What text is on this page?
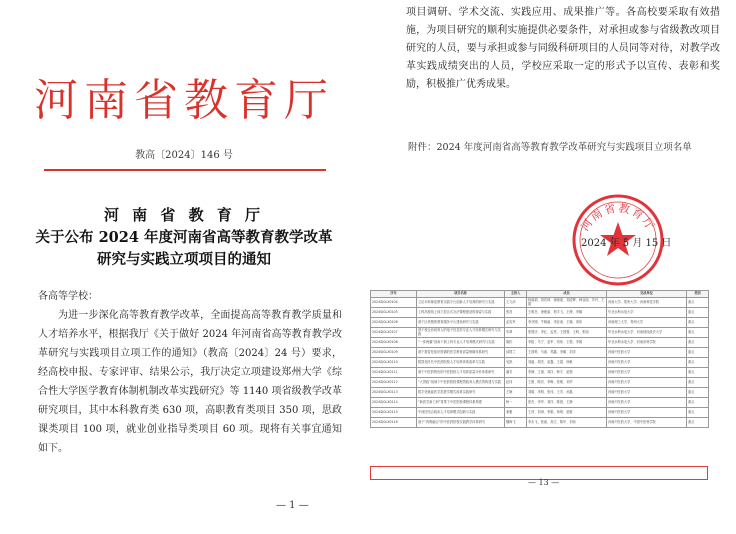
河南省教育厅
教高〔2024〕146 号
河 南 省 教 育 厅
关于公布 2024 年度河南省高等教育教学改革
研究与实践立项项目的通知
各高等学校：
为进一步深化高等教育教学改革，全面提高高等教育教学质量和人才培养水平，根据我厅《关于做好 2024 年河南省高等教育教学改革研究与实践项目立项工作的通知》（教高〔2024〕24 号）要求，经高校申报、专家评审、结果公示，我厅决定立项建设郑州大学《综合性大学医学教育体制机制改革实践研究》等 1140 项省级教学改革研究项目，其中本科教育类 630 项，高职教育类项目 350 项，思政课类项目 100 项，就业创业指导类项目 60 项。现将有关事宜通知如下。
— 1 —
项目调研、学术交流、实践应用、成果推广等。各高校要采取有效措施，为项目研究的顺利实施提供必要条件，对承担或参与省级教改项目研究的人员，要与承担或参与同级科研项目的人员同等对待，对教学改革实践成绩突出的人员，学校应采取一定的形式予以宣传、表彰和奖励，积极推广优秀成果。
附件：2024 年度河南省高等教育教学改革研究与实践项目立项名单
河南省教育厅
2024 年 5 月 15 日
序号	项目名称	主持人	成员	完成单位	类别
2024SJGLX0104	立足本科师范教育实践平台创新人才培养的研究与实践	王文沛	杨丽娟、刘若琦、蒋晓丽、刘清辉、韩亚丽、苏丹、王娟	河南大学、郑州大学、河南科技学院	重点
2024SJGLX0105	工科高校线上线下混合式办法课程建设的探索与实践	张昌	王明亮、徐艳丽、邢宇飞、王博、李娜	华北水利水电大学	重点
2024SJGLX0106	基于区块链的教育服务平台建设研究与实践	孟宪军	李彦刚、牛晓丽、李亚南、王娜、刘伟	河南理工大学、郑州大学	重点
2024SJGLX0107	基于校企协同育人的电子信息类专业人才培养模式研究与实践	朱翠	张国庆、李红、孟昊、王国强、王明、张丽	华北水利水电大学、河南财经政法大学	重点
2024SJGLX0108	“一体两翼”视角下新工科专业人才培养模式研究与实践	胡松	李铭、马宁、赵军、刘伟、王强、李娟	华北水利水电大学、河南省科学院	重点
2024SJGLX0109	基于数智化知识图谱的医学教育质量保障体系研究	邱国兰	王国栋、马丽、郑鑫、李娜、刘洋	河南中医药大学	重点
2024SJGLX0110	数智化时代中医药院校人才培养体系改革与实践	吴凯	刘毅、胡杰、赵鑫、王超、杨帆	河南中医药大学	重点
2024SJGLX0111	基于中医药特色的中医院校人才培养质量评价体系研究	潘芳	李静、王丽、刘洋、韩宇、赵强	河南中医药大学	重点
2024SJGLX0112	“大思政”视域下中医药院校课程思政育人模式的构建与实践	赵玮	王刚、陈亮、李梅、张敏、刘华	河南中医药大学	重点
2024SJGLX0113	数字化赋能医学类教学模式改革实践研究	王婉	刘娟、李明、张伟、王芳、孙磊	河南中医药大学	重点
2024SJGLX0114	“新医学新工科”背景下中医院校课程体系构建	杨一	张杰、李华、刘洋、陈晨、王静	河南中医药大学	重点
2024SJGLX0115	中西医结合临床人才培养模式创新与实践	姜雅	王萍、刘涛、李娟、杨明、赵敏	河南中医药大学	重点
2024SJGLX0116	基于“四维融合”的中医药院校实践教学体系研究	魏海飞	李永飞、张丽、高江、陈华、刘伟	河南中医药大学、中国中医科学院	重点
— 13 —
